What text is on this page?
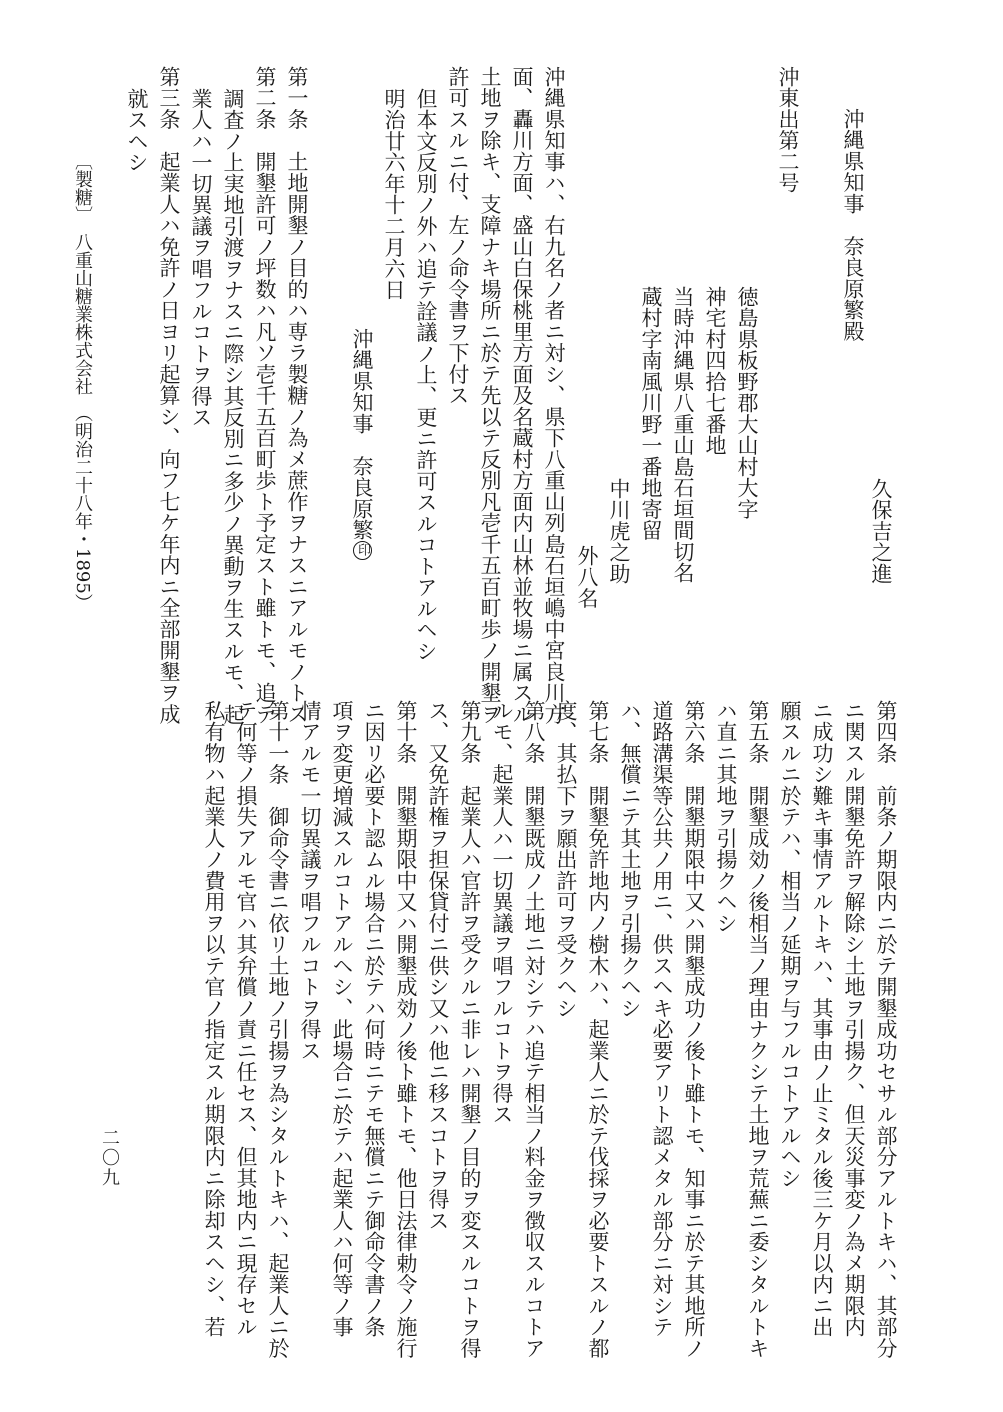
沖縄県知事　奈良原繁殿
久保吉之進
沖東出第二号
徳島県板野郡大山村大字
神宅村四拾七番地
当時沖縄県八重山島石垣間切名
蔵村字南風川野一番地寄留
中川虎之助
外八名
沖縄県知事ハ、右九名ノ者ニ対シ、県下八重山列島石垣嶋中宮良川方
面、轟川方面、盛山白保桃里方面及名蔵村方面内山林並牧場ニ属スル
土地ヲ除キ、支障ナキ場所ニ於テ先以テ反別凡壱千五百町歩ノ開墾ヲ
許可スルニ付、左ノ命令書ヲ下付ス
但本文反別ノ外ハ追テ詮議ノ上、更ニ許可スルコトアルヘシ
明治廿六年十二月六日
沖縄県知事　奈良原繁印
第一条　土地開墾ノ目的ハ専ラ製糖ノ為メ蔗作ヲナスニアルモノトス
第二条　開墾許可ノ坪数ハ凡ソ壱千五百町歩ト予定スト雖トモ、追テ
調査ノ上実地引渡ヲナスニ際シ其反別ニ多少ノ異動ヲ生スルモ、起
業人ハ一切異議ヲ唱フルコトヲ得ス
第三条　起業人ハ免許ノ日ヨリ起算シ、向フ七ケ年内ニ全部開墾ヲ成
就スヘシ
〔製糖〕　八重山糖業株式会社　（明治二十八年・1895）
第四条　前条ノ期限内ニ於テ開墾成功セサル部分アルトキハ、其部分
ニ関スル開墾免許ヲ解除シ土地ヲ引揚ク、但天災事変ノ為メ期限内
ニ成功シ難キ事情アルトキハ、其事由ノ止ミタル後三ケ月以内ニ出
願スルニ於テハ、相当ノ延期ヲ与フルコトアルヘシ
第五条　開墾成効ノ後相当ノ理由ナクシテ土地ヲ荒蕪ニ委シタルトキ
ハ直ニ其地ヲ引揚クヘシ
第六条　開墾期限中又ハ開墾成功ノ後ト雖トモ、知事ニ於テ其地所ノ
道路溝渠等公共ノ用ニ、供スヘキ必要アリト認メタル部分ニ対シテ
ハ、無償ニテ其土地ヲ引揚クヘシ
第七条　開墾免許地内ノ樹木ハ、起業人ニ於テ伐採ヲ必要トスルノ都
度、其払下ヲ願出許可ヲ受クヘシ
第八条　開墾既成ノ土地ニ対シテハ追テ相当ノ料金ヲ徴収スルコトア
ルモ、起業人ハ一切異議ヲ唱フルコトヲ得ス
第九条　起業人ハ官許ヲ受クルニ非レハ開墾ノ目的ヲ変スルコトヲ得
ス、又免許権ヲ担保貸付ニ供シ又ハ他ニ移スコトヲ得ス
第十条　開墾期限中又ハ開墾成効ノ後ト雖トモ、他日法律勅令ノ施行
ニ因リ必要ト認ムル場合ニ於テハ何時ニテモ無償ニテ御命令書ノ条
項ヲ変更増減スルコトアルヘシ、此場合ニ於テハ起業人ハ何等ノ事
情アルモ一切異議ヲ唱フルコトヲ得ス
第十一条　御命令書ニ依リ土地ノ引揚ヲ為シタルトキハ、起業人ニ於
テ何等ノ損失アルモ官ハ其弁償ノ責ニ任セス、但其地内ニ現存セル
私有物ハ起業人ノ費用ヲ以テ官ノ指定スル期限内ニ除却スヘシ、若
二〇九
